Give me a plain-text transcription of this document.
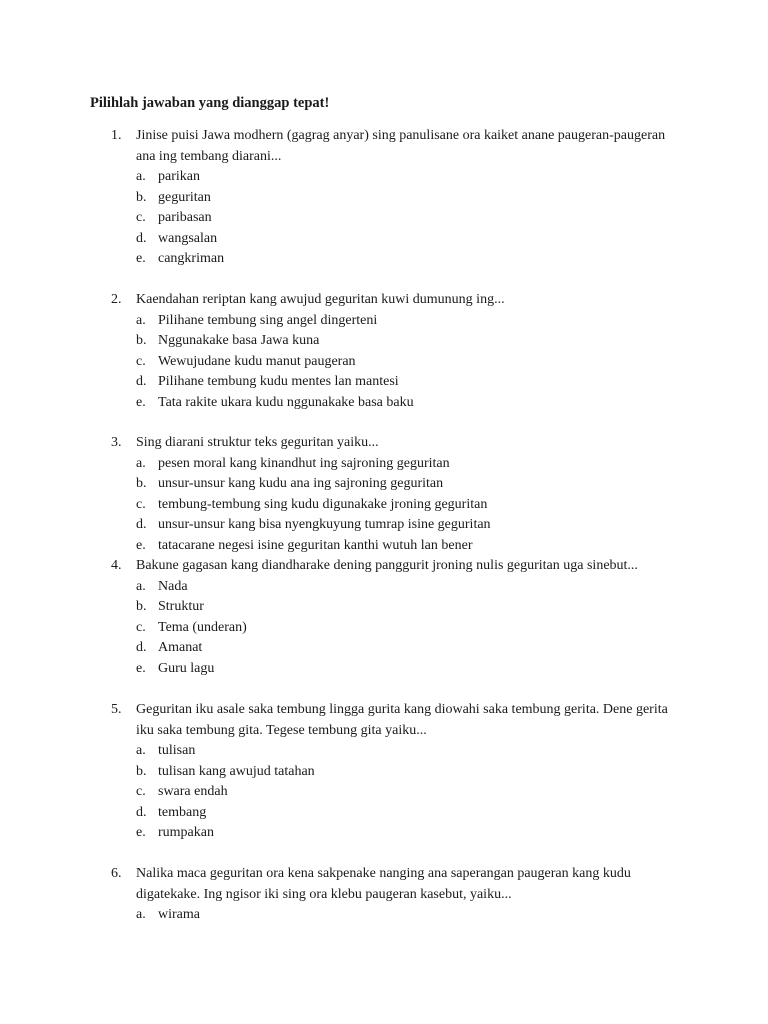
Pilihlah jawaban yang dianggap tepat!
1. Jinise puisi Jawa modhern (gagrag anyar) sing panulisane ora kaiket anane paugeran-paugeran ana ing tembang diarani...
a. parikan
b. geguritan
c. paribasan
d. wangsalan
e. cangkriman
2. Kaendahan reriptan kang awujud geguritan kuwi dumunung ing...
a. Pilihane tembung sing angel dingerteni
b. Nggunakake basa Jawa kuna
c. Wewujudane kudu manut paugeran
d. Pilihane tembung kudu mentes lan mantesi
e. Tata rakite ukara kudu nggunakake basa baku
3. Sing diarani struktur teks geguritan yaiku...
a. pesen moral kang kinandhut ing sajroning geguritan
b. unsur-unsur kang kudu ana ing sajroning geguritan
c. tembung-tembung sing kudu digunakake jroning geguritan
d. unsur-unsur kang bisa nyengkuyung tumrap isine geguritan
e. tatacarane negesi isine geguritan kanthi wutuh lan bener
4. Bakune gagasan kang diandharake dening panggurit jroning nulis geguritan uga sinebut...
a. Nada
b. Struktur
c. Tema (underan)
d. Amanat
e. Guru lagu
5. Geguritan iku asale saka tembung lingga gurita kang diowahi saka tembung gerita. Dene gerita iku saka tembung gita. Tegese tembung gita yaiku...
a. tulisan
b. tulisan kang awujud tatahan
c. swara endah
d. tembang
e. rumpakan
6. Nalika maca geguritan ora kena sakpenake nanging ana saperangan paugeran kang kudu digatekake. Ing ngisor iki sing ora klebu paugeran kasebut, yaiku...
a. wirama
